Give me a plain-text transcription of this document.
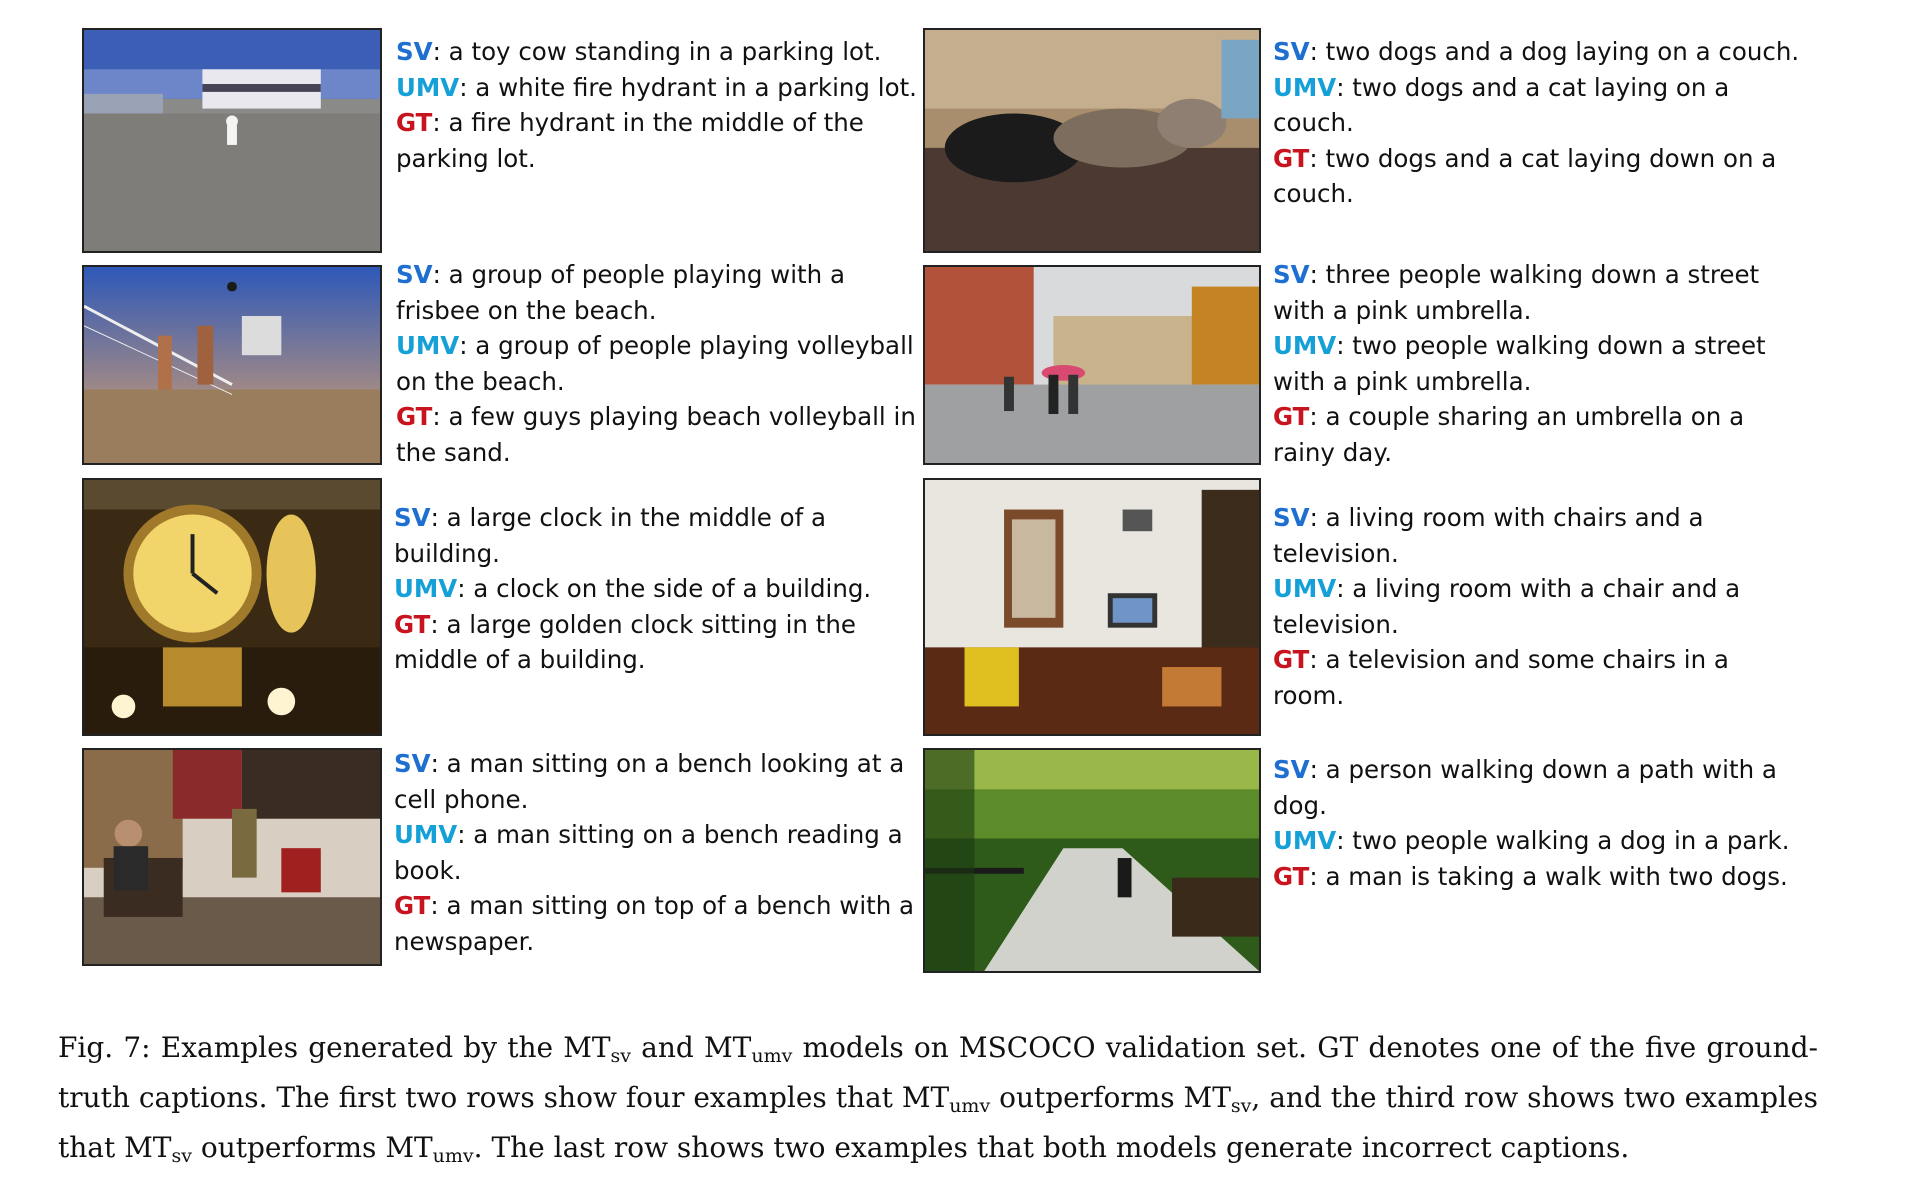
SV: a toy cow standing in a parking lot.
UMV: a white fire hydrant in a parking lot.
GT: a fire hydrant in the middle of the
parking lot.
SV: two dogs and a dog laying on a couch.
UMV: two dogs and a cat laying on a
couch.
GT: two dogs and a cat laying down on a
couch.
SV: a group of people playing with a
frisbee on the beach.
UMV: a group of people playing volleyball
on the beach.
GT: a few guys playing beach volleyball in
the sand.
SV: three people walking down a street
with a pink umbrella.
UMV: two people walking down a street
with a pink umbrella.
GT: a couple sharing an umbrella on a
rainy day.
SV: a large clock in the middle of a
building.
UMV: a clock on the side of a building.
GT: a large golden clock sitting in the
middle of a building.
SV: a living room with chairs and a
television.
UMV: a living room with a chair and a
television.
GT: a television and some chairs in a
room.
SV: a man sitting on a bench looking at a
cell phone.
UMV: a man sitting on a bench reading a
book.
GT: a man sitting on top of a bench with a
newspaper.
SV: a person walking down a path with a
dog.
UMV: two people walking a dog in a park.
GT: a man is taking a walk with two dogs.
Fig. 7: Examples generated by the $MT_{sv}$ and $MT_{umv}$ models on MSCOCO validation set. GT denotes one of the five ground-truth captions. The first two rows show four examples that $MT_{umv}$ outperforms $MT_{sv}$, and the third row shows two examples that $MT_{sv}$ outperforms $MT_{umv}$. The last row shows two examples that both models generate incorrect captions.
